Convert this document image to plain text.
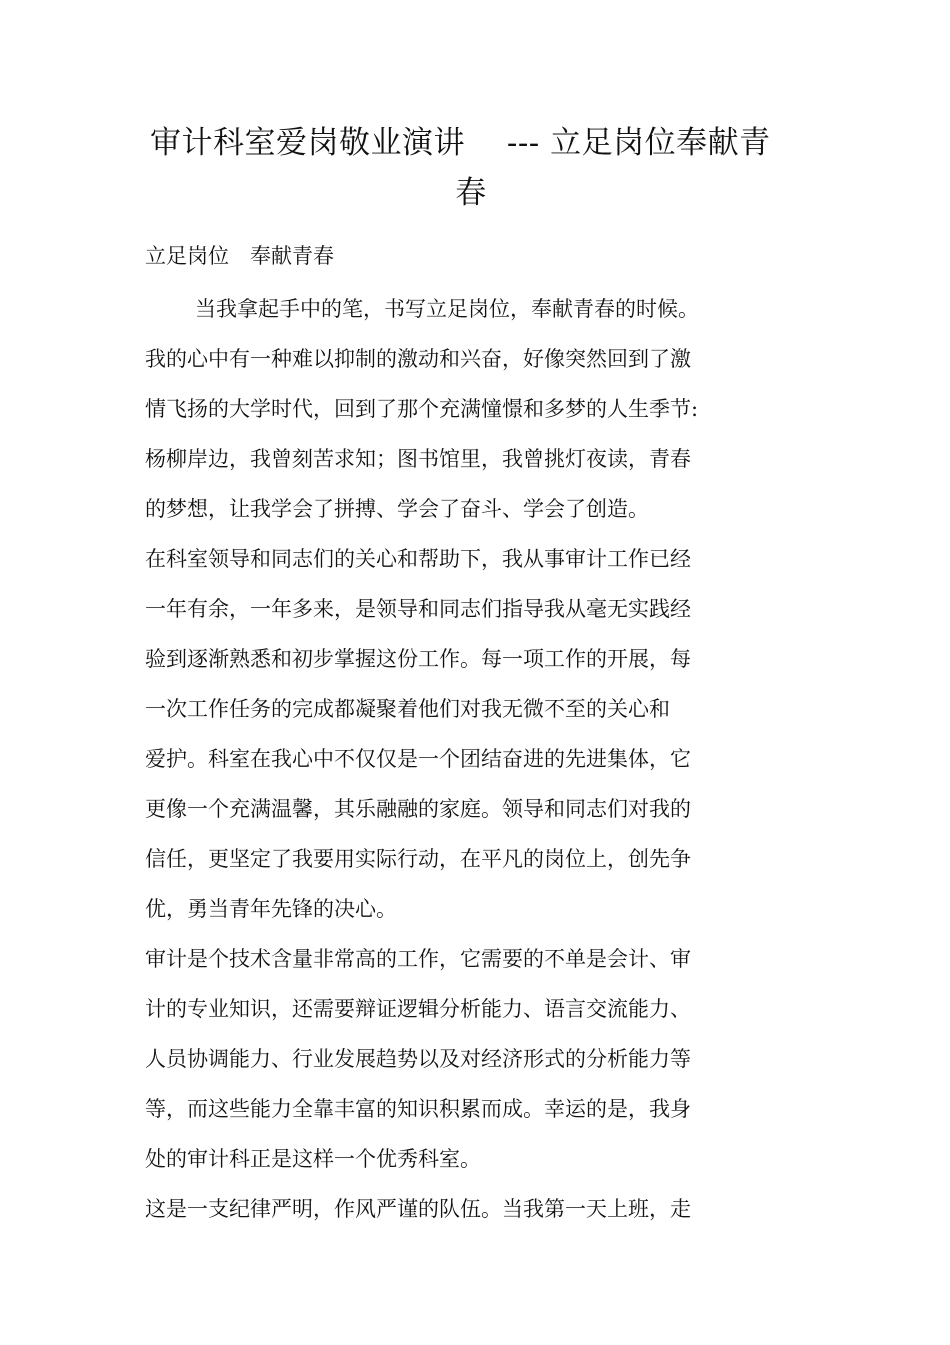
审计科室爱岗敬业演讲　 --- 立足岗位奉献青
春
立足岗位　奉献青春
当我拿起手中的笔，书写立足岗位，奉献青春的时候。
我的心中有一种难以抑制的激动和兴奋，好像突然回到了激
情飞扬的大学时代，回到了那个充满憧憬和多梦的人生季节:
杨柳岸边，我曾刻苦求知；图书馆里，我曾挑灯夜读，青春
的梦想，让我学会了拼搏、学会了奋斗、学会了创造。
在科室领导和同志们的关心和帮助下，我从事审计工作已经
一年有余，一年多来，是领导和同志们指导我从毫无实践经
验到逐渐熟悉和初步掌握这份工作。每一项工作的开展，每
一次工作任务的完成都凝聚着他们对我无微不至的关心和
爱护。科室在我心中不仅仅是一个团结奋进的先进集体，它
更像一个充满温馨，其乐融融的家庭。领导和同志们对我的
信任，更坚定了我要用实际行动，在平凡的岗位上，创先争
优，勇当青年先锋的决心。
审计是个技术含量非常高的工作，它需要的不单是会计、审
计的专业知识，还需要辩证逻辑分析能力、语言交流能力、
人员协调能力、行业发展趋势以及对经济形式的分析能力等
等，而这些能力全靠丰富的知识积累而成。幸运的是，我身
处的审计科正是这样一个优秀科室。
这是一支纪律严明，作风严谨的队伍。当我第一天上班，走
